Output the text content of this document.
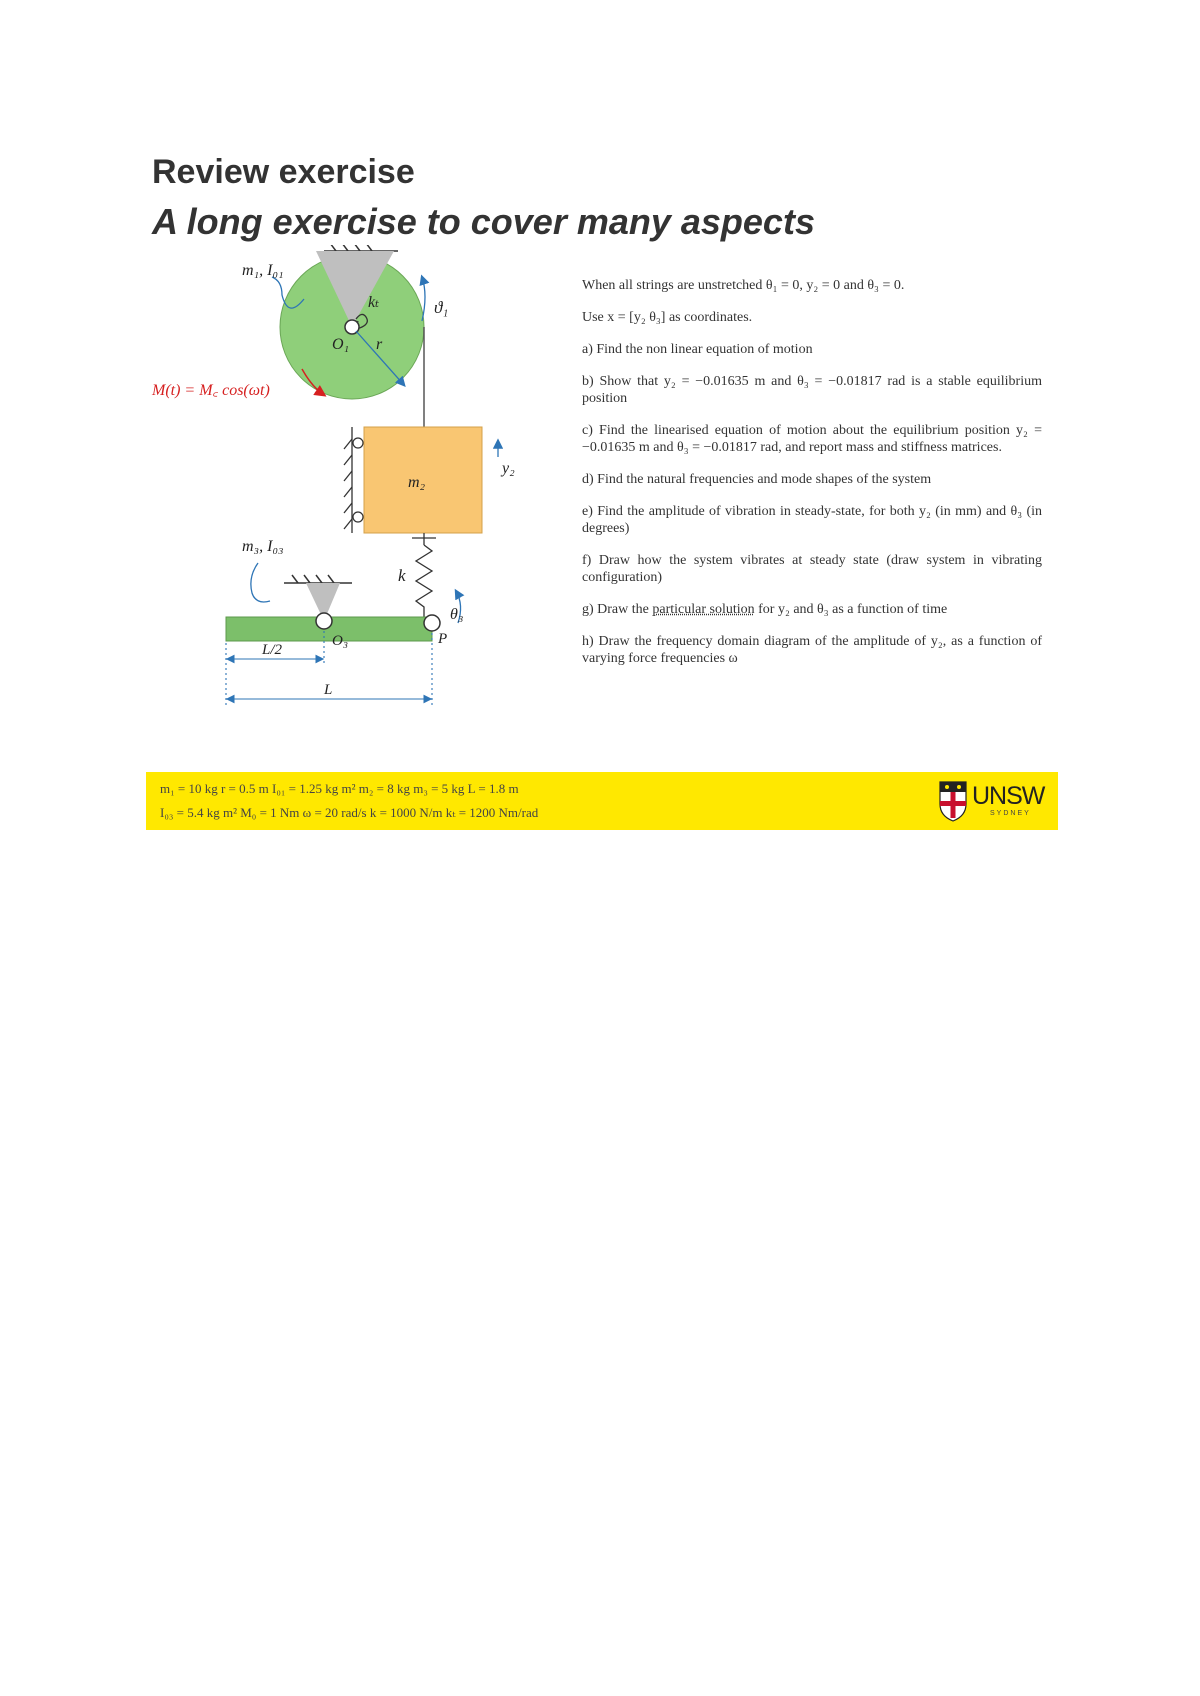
Review exercise
A long exercise to cover many aspects
m₁, I₀₁
kₜ	ϑ₁
O₁ r
M(t) = M꜀ cos(ωt)
m₂
y₂
m₃, I₀₃
k
θ₃
O₃	P
L/2
L

When all strings are unstretched θ₁ = 0, y₂ = 0 and θ₃ = 0.

Use x = [y₂ θ₃] as coordinates.

a) Find the non linear equation of motion

b) Show that y₂ = −0.01635 m and θ₃ = −0.01817 rad is a stable equilibrium position

c) Find the linearised equation of motion about the equilibrium position y₂ = −0.01635 m and θ₃ = −0.01817 rad, and report mass and stiffness matrices.

d) Find the natural frequencies and mode shapes of the system

e) Find the amplitude of vibration in steady-state, for both y₂ (in mm) and θ₃ (in degrees)

f) Draw how the system vibrates at steady state (draw system in vibrating configuration)

g) Draw the particular solution for y₂ and θ₃ as a function of time

h) Draw the frequency domain diagram of the amplitude of y₂, as a function of varying force frequencies ω

m₁ = 10 kg r = 0.5 m I₀₁ = 1.25 kg m² m₂ = 8 kg m₃ = 5 kg L = 1.8 m
I₀₃ = 5.4 kg m² M₀ = 1 Nm ω = 20 rad/s k = 1000 N/m kₜ = 1200 Nm/rad
UNSW
SYDNEY
